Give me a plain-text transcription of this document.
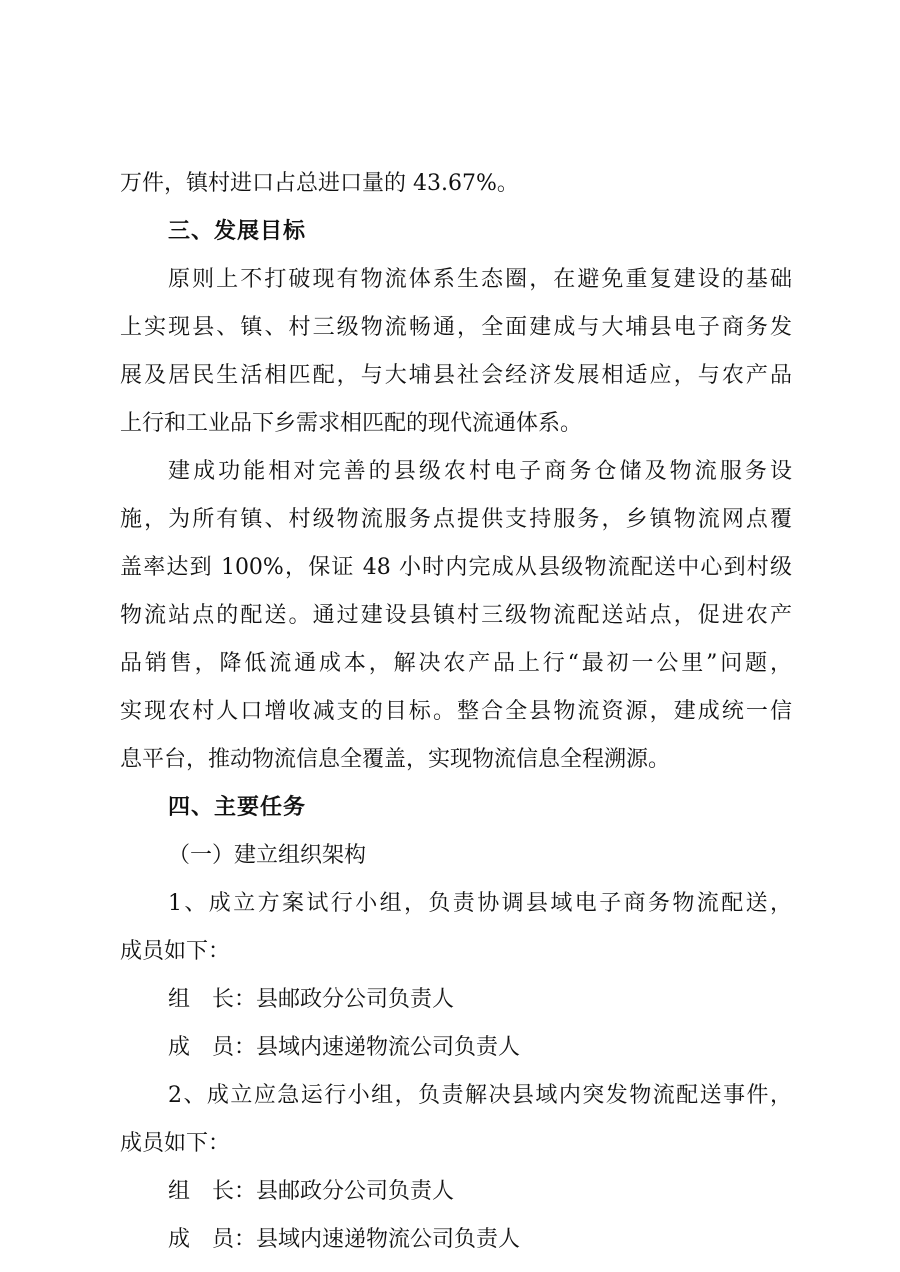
万件，镇村进口占总进口量的 43.67%。
三、发展目标
原则上不打破现有物流体系生态圈，在避免重复建设的基础
上实现县、镇、村三级物流畅通，全面建成与大埔县电子商务发
展及居民生活相匹配，与大埔县社会经济发展相适应，与农产品
上行和工业品下乡需求相匹配的现代流通体系。
建成功能相对完善的县级农村电子商务仓储及物流服务设
施，为所有镇、村级物流服务点提供支持服务，乡镇物流网点覆
盖率达到 100%，保证 48 小时内完成从县级物流配送中心到村级
物流站点的配送。通过建设县镇村三级物流配送站点，促进农产
品销售，降低流通成本，解决农产品上行“最初一公里”问题，
实现农村人口增收减支的目标。整合全县物流资源，建成统一信
息平台，推动物流信息全覆盖，实现物流信息全程溯源。
四、主要任务
（一）建立组织架构
1、成立方案试行小组，负责协调县域电子商务物流配送，
成员如下：
组　长：县邮政分公司负责人
成　员：县域内速递物流公司负责人
2、成立应急运行小组，负责解决县域内突发物流配送事件，
成员如下：
组　长：县邮政分公司负责人
成　员：县域内速递物流公司负责人
